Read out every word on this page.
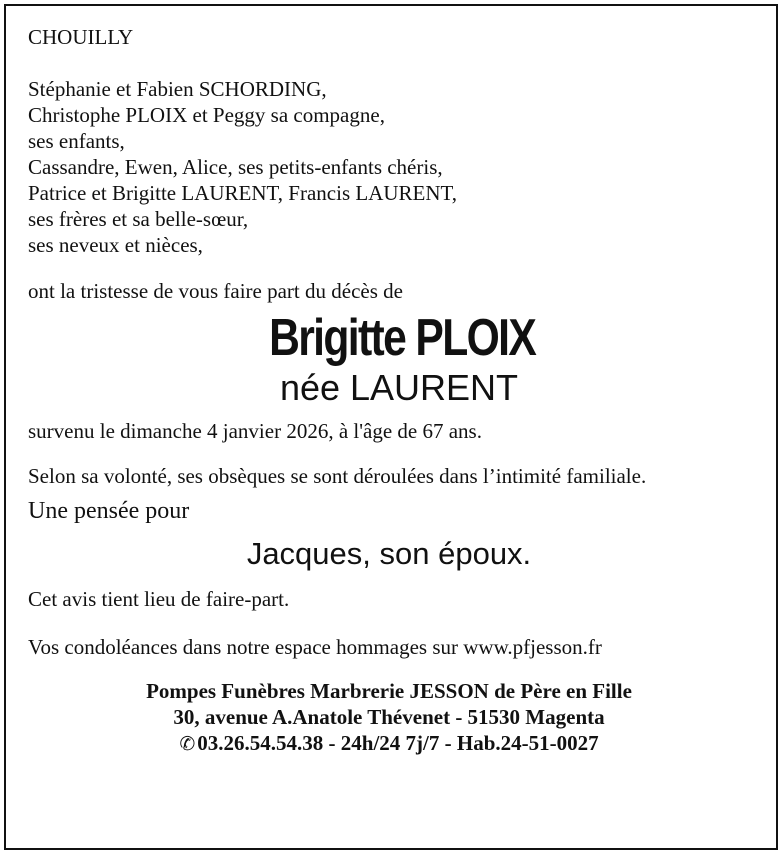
CHOUILLY

Stéphanie et Fabien SCHORDING,

Christophe PLOIX et Peggy sa compagne,

ses enfants,

Cassandre, Ewen, Alice, ses petits-enfants chéris,

Patrice et Brigitte LAURENT, Francis LAURENT,

ses frères et sa belle-sœur,

ses neveux et nièces,

ont la tristesse de vous faire part du décès de

Brigitte PLOIX

née LAURENT

survenu le dimanche 4 janvier 2026, à l'âge de 67 ans.

Selon sa volonté, ses obsèques se sont déroulées dans l’intimité familiale.

Une pensée pour

Jacques, son époux.

Cet avis tient lieu de faire-part.

Vos condoléances dans notre espace hommages sur www.pfjesson.fr

Pompes Funèbres Marbrerie JESSON de Père en Fille

30, avenue A.Anatole Thévenet - 51530 Magenta

✆03.26.54.54.38 - 24h/24 7j/7 - Hab.24-51-0027
